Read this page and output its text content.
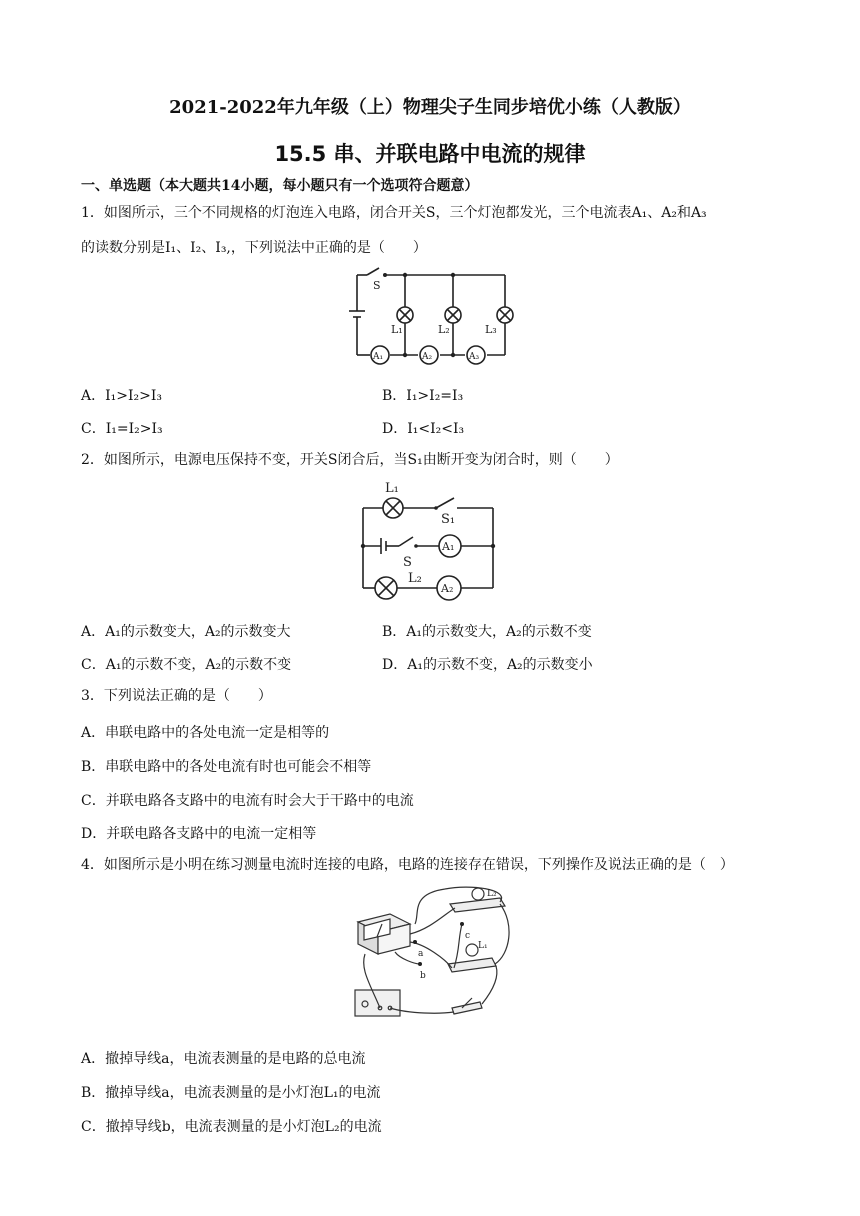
2021-2022年九年级（上）物理尖子生同步培优小练（人教版）
15.5 串、并联电路中电流的规律
一、单选题（本大题共14小题，每小题只有一个选项符合题意）
1．如图所示，三个不同规格的灯泡连入电路，闭合开关S，三个灯泡都发光，三个电流表A₁、A₂和A₃
的读数分别是I₁、I₂、I₃,，下列说法中正确的是（　　）
S
L₁	L₂	L₃
A₁	A₂	A₃
A．I₁>I₂>I₃	B．I₁>I₂=I₃
C．I₁=I₂>I₃	D．I₁<I₂<I₃
2．如图所示，电源电压保持不变，开关S闭合后，当S₁由断开变为闭合时，则（　　）
L₁
S₁
S
A₁
L₂
A₂
A．A₁的示数变大，A₂的示数变大	B．A₁的示数变大，A₂的示数不变
C．A₁的示数不变，A₂的示数不变	D．A₁的示数不变，A₂的示数变小
3．下列说法正确的是（　　）
A．串联电路中的各处电流一定是相等的
B．串联电路中的各处电流有时也可能会不相等
C．并联电路各支路中的电流有时会大于干路中的电流
D．并联电路各支路中的电流一定相等
4．如图所示是小明在练习测量电流时连接的电路，电路的连接存在错误，下列操作及说法正确的是（　）
L₂
L₁
a
b
c
A．撤掉导线a，电流表测量的是电路的总电流
B．撤掉导线a，电流表测量的是小灯泡L₁的电流
C．撤掉导线b，电流表测量的是小灯泡L₂的电流
